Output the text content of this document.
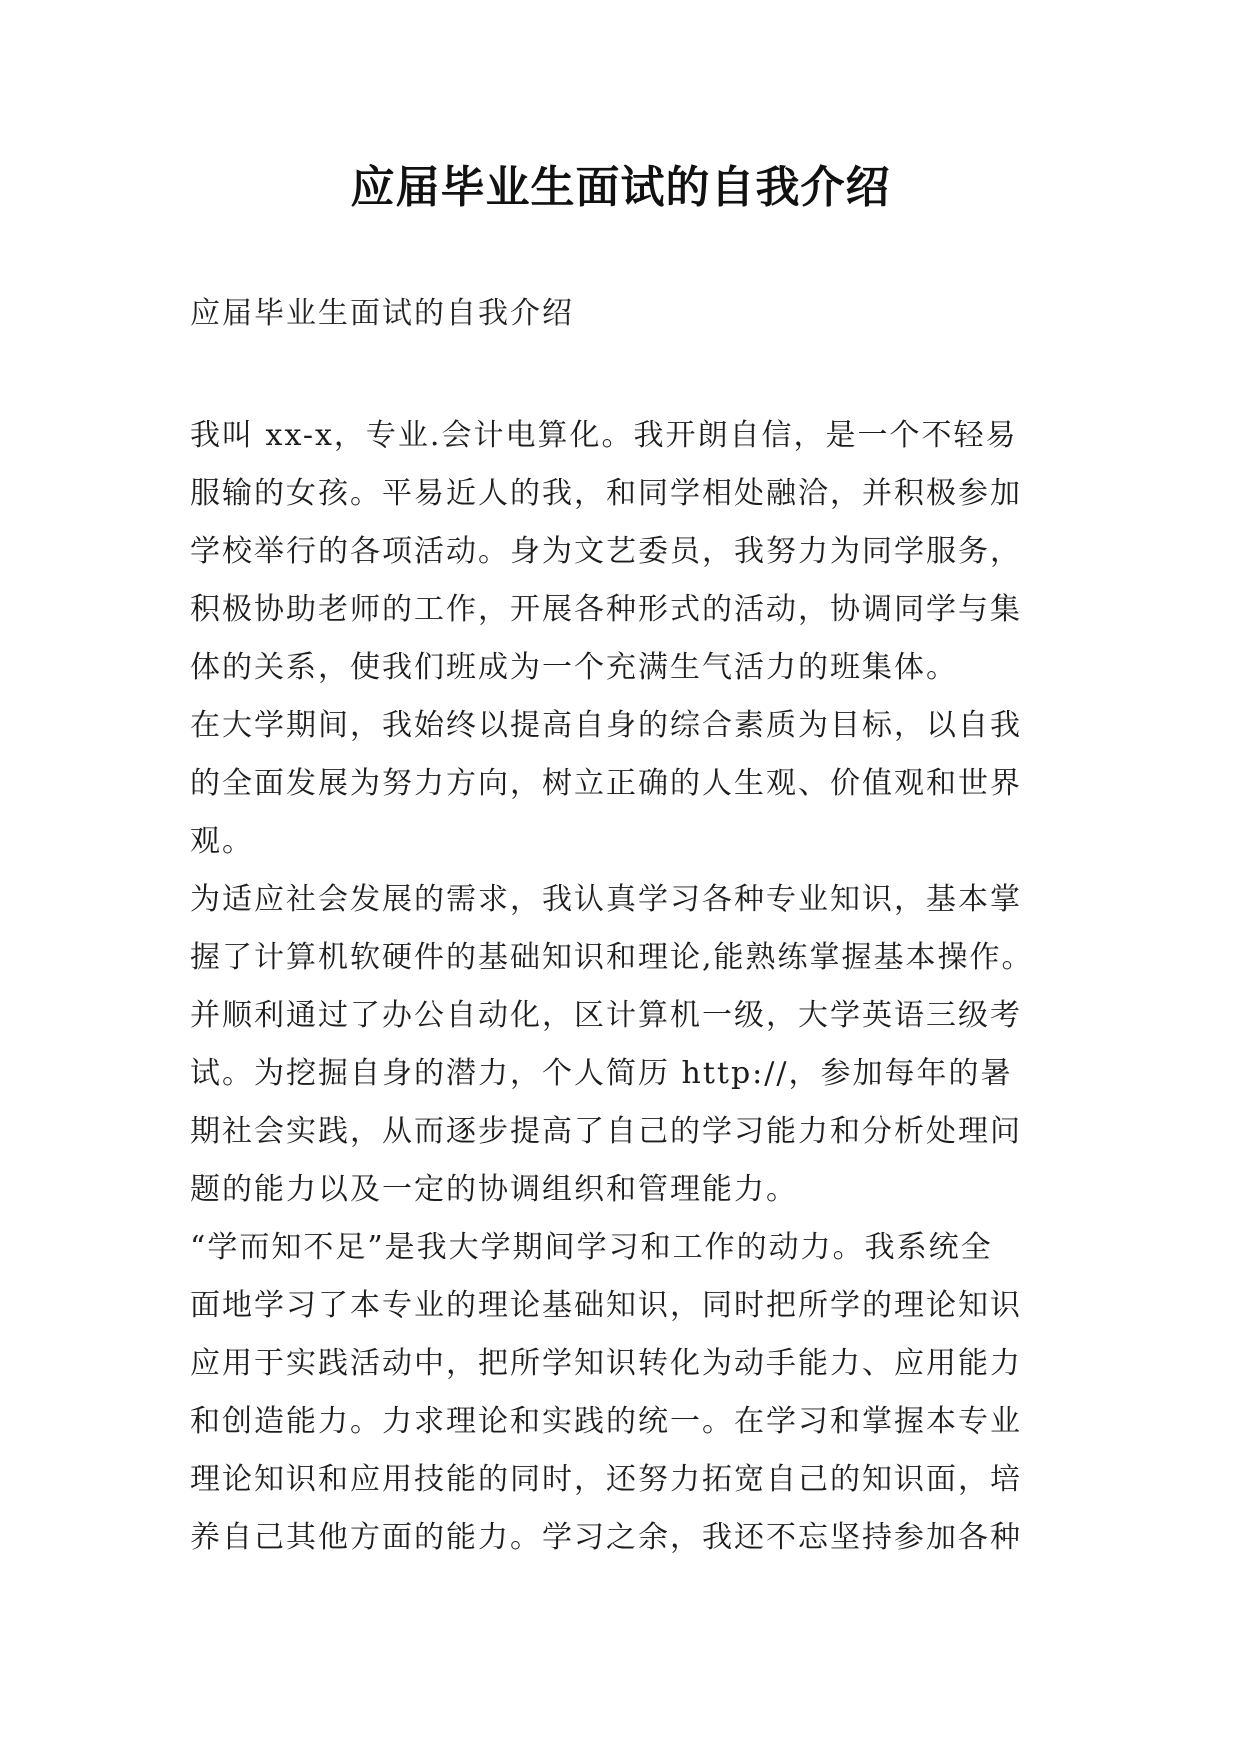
应届毕业生面试的自我介绍
应届毕业生面试的自我介绍

我叫 xx-x，专业.会计电算化。我开朗自信，是一个不轻易
服输的女孩。平易近人的我，和同学相处融洽，并积极参加
学校举行的各项活动。身为文艺委员，我努力为同学服务，
积极协助老师的工作，开展各种形式的活动，协调同学与集
体的关系，使我们班成为一个充满生气活力的班集体。

在大学期间，我始终以提高自身的综合素质为目标，以自我
的全面发展为努力方向，树立正确的人生观、价值观和世界
观。

为适应社会发展的需求，我认真学习各种专业知识，基本掌
握了计算机软硬件的基础知识和理论,能熟练掌握基本操作。
并顺利通过了办公自动化，区计算机一级，大学英语三级考
试。为挖掘自身的潜力，个人简历 http://，参加每年的暑
期社会实践，从而逐步提高了自己的学习能力和分析处理问
题的能力以及一定的协调组织和管理能力。

“学而知不足”是我大学期间学习和工作的动力。我系统全
面地学习了本专业的理论基础知识，同时把所学的理论知识
应用于实践活动中，把所学知识转化为动手能力、应用能力
和创造能力。力求理论和实践的统一。在学习和掌握本专业
理论知识和应用技能的同时，还努力拓宽自己的知识面，培
养自己其他方面的能力。学习之余，我还不忘坚持参加各种
